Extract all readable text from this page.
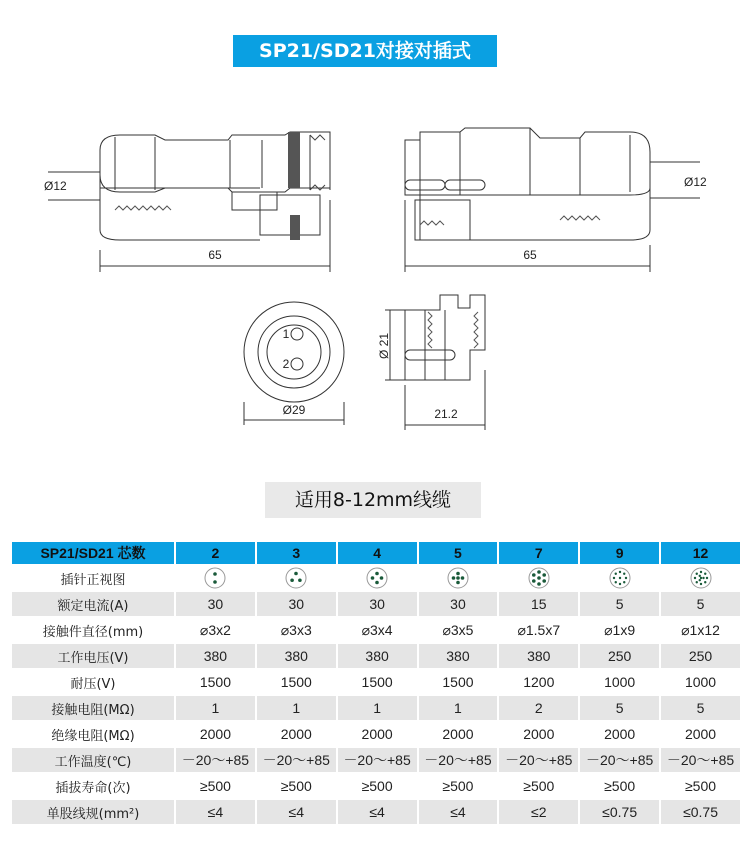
SP21/SD21对接对插式
Ø12
65
Ø12
65
1
2
Ø29
Ø 21
21.2
适用8-12mm线缆
SP21/SD21 芯数	2	3	4	5	7	9	12
插针正视图							
额定电流(A)	30	30	30	30	15	5	5
接触件直径(mm)	⌀3x2	⌀3x3	⌀3x4	⌀3x5	⌀1.5x7	⌀1x9	⌀1x12
工作电压(V)	380	380	380	380	380	250	250
耐压(V)	1500	1500	1500	1500	1200	1000	1000
接触电阻(MΩ)	1	1	1	1	2	5	5
绝缘电阻(MΩ)	2000	2000	2000	2000	2000	2000	2000
工作温度(℃)	－20～+85	－20～+85	－20～+85	－20～+85	－20～+85	－20～+85	－20～+85
插拔寿命(次)	≥500	≥500	≥500	≥500	≥500	≥500	≥500
单股线规(mm²)	≤4	≤4	≤4	≤4	≤2	≤0.75	≤0.75
